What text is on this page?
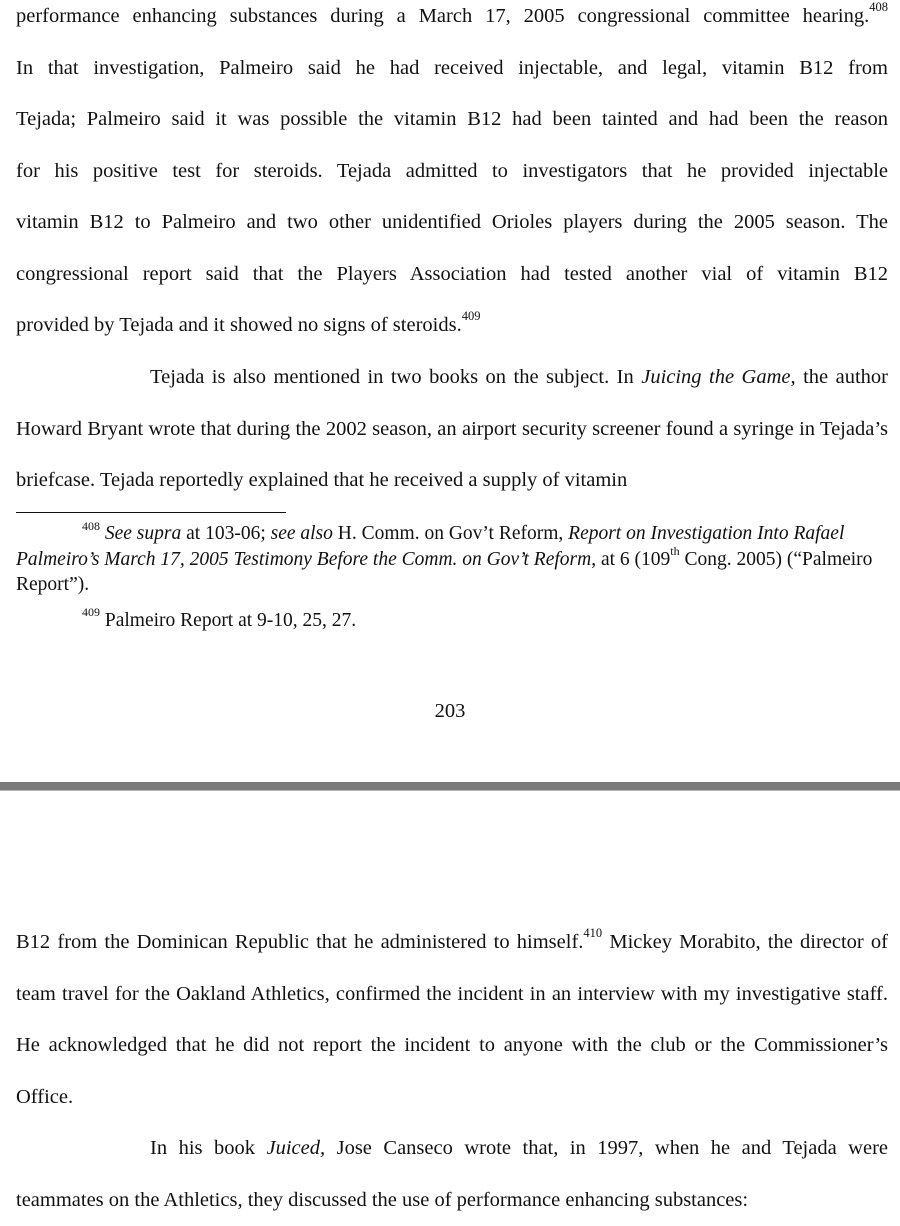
performance enhancing substances during a March 17, 2005 congressional committee hearing.$^{408}$

In that investigation, Palmeiro said he had received injectable, and legal, vitamin B12 from

Tejada; Palmeiro said it was possible the vitamin B12 had been tainted and had been the reason

for his positive test for steroids. Tejada admitted to investigators that he provided injectable

vitamin B12 to Palmeiro and two other unidentified Orioles players during the 2005 season. The

congressional report said that the Players Association had tested another vial of vitamin B12

provided by Tejada and it showed no signs of steroids.$^{409}$

Tejada is also mentioned in two books on the subject. In Juicing the Game, the author Howard Bryant wrote that during the 2002 season, an airport security screener found a syringe in Tejada’s briefcase. Tejada reportedly explained that he received a supply of vitamin

$^{408}$ See supra at 103-06; see also H. Comm. on Gov’t Reform, Report on Investigation Into Rafael Palmeiro’s March 17, 2005 Testimony Before the Comm. on Gov’t Reform, at 6 (109th Cong. 2005) (“Palmeiro Report”).

$^{409}$ Palmeiro Report at 9-10, 25, 27.

203

B12 from the Dominican Republic that he administered to himself.$^{410}$ Mickey Morabito, the director of team travel for the Oakland Athletics, confirmed the incident in an interview with my investigative staff. He acknowledged that he did not report the incident to anyone with the club or the Commissioner’s Office.

In his book Juiced, Jose Canseco wrote that, in 1997, when he and Tejada were teammates on the Athletics, they discussed the use of performance enhancing substances:
